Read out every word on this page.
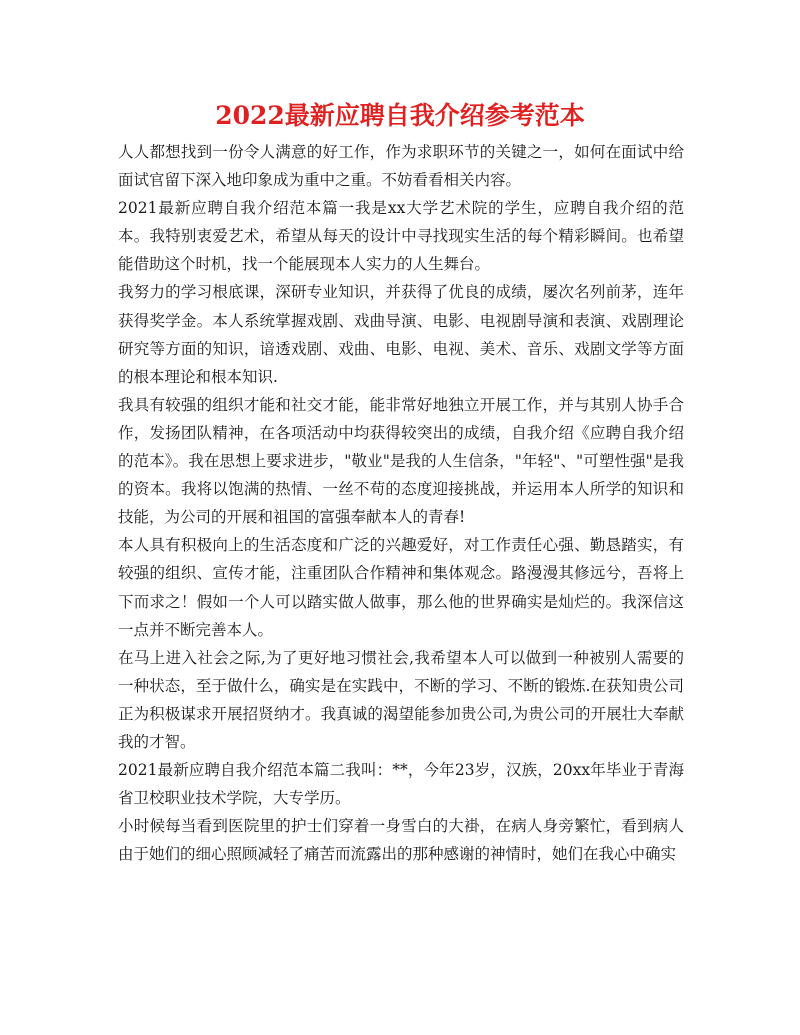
2022最新应聘自我介绍参考范本

人人都想找到一份令人满意的好工作，作为求职环节的关键之一，如何在面试中给面试官留下深入地印象成为重中之重。不妨看看相关内容。

2021最新应聘自我介绍范本篇一我是xx大学艺术院的学生，应聘自我介绍的范本。我特别衷爱艺术，希望从每天的设计中寻找现实生活的每个精彩瞬间。也希望能借助这个时机，找一个能展现本人实力的人生舞台。

我努力的学习根底课，深研专业知识，并获得了优良的成绩，屡次名列前茅，连年获得奖学金。本人系统掌握戏剧、戏曲导演、电影、电视剧导演和表演、戏剧理论研究等方面的知识，谙透戏剧、戏曲、电影、电视、美术、音乐、戏剧文学等方面的根本理论和根本知识.

我具有较强的组织才能和社交才能，能非常好地独立开展工作，并与其别人协手合作，发扬团队精神，在各项活动中均获得较突出的成绩，自我介绍《应聘自我介绍的范本》。我在思想上要求进步，"敬业"是我的人生信条，"年轻"、"可塑性强"是我的资本。我将以饱满的热情、一丝不苟的态度迎接挑战，并运用本人所学的知识和技能，为公司的开展和祖国的富强奉献本人的青春!

本人具有积极向上的生活态度和广泛的兴趣爱好，对工作责任心强、勤恳踏实，有较强的组织、宣传才能，注重团队合作精神和集体观念。路漫漫其修远兮，吾将上下而求之！假如一个人可以踏实做人做事，那么他的世界确实是灿烂的。我深信这一点并不断完善本人。

在马上进入社会之际,为了更好地习惯社会,我希望本人可以做到一种被别人需要的一种状态，至于做什么，确实是在实践中，不断的学习、不断的锻炼.在获知贵公司正为积极谋求开展招贤纳才。我真诚的渴望能参加贵公司,为贵公司的开展壮大奉献我的才智。

2021最新应聘自我介绍范本篇二我叫：**，今年23岁，汉族，20xx年毕业于青海省卫校职业技术学院，大专学历。

小时候每当看到医院里的护士们穿着一身雪白的大褂，在病人身旁繁忙，看到病人由于她们的细心照顾减轻了痛苦而流露出的那种感谢的神情时，她们在我心中确实
